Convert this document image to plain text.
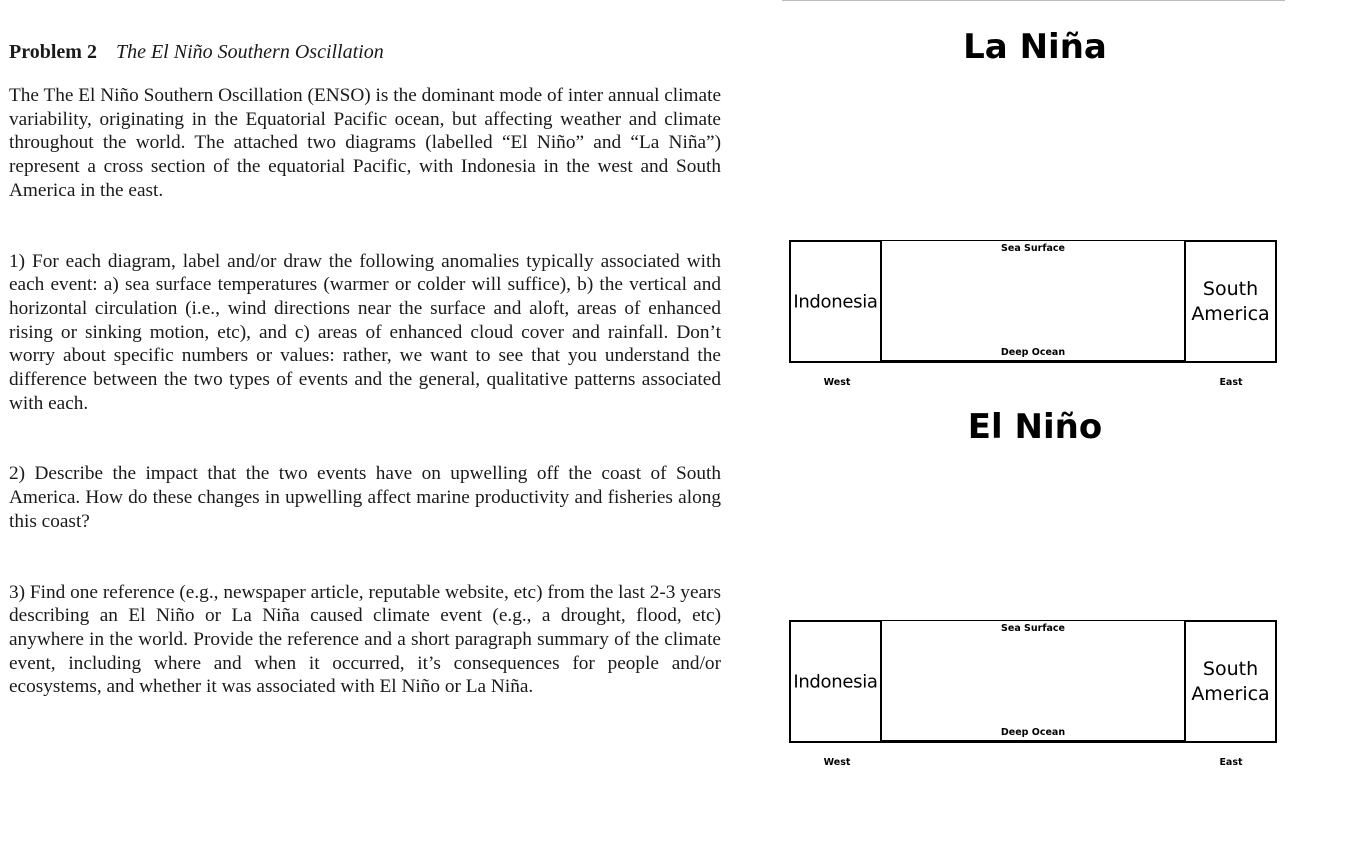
Problem 2 The El Niño Southern Oscillation

The The El Niño Southern Oscillation (ENSO) is the dominant mode of inter annual climate variability, originating in the Equatorial Pacific ocean, but affecting weather and climate throughout the world. The attached two diagrams (labelled “El Niño” and “La Niña”) represent a cross section of the equatorial Pacific, with Indonesia in the west and South America in the east.

1) For each diagram, label and/or draw the following anomalies typically associated with each event: a) sea surface temperatures (warmer or colder will suffice), b) the vertical and horizontal circulation (i.e., wind directions near the surface and aloft, areas of enhanced rising or sinking motion, etc), and c) areas of enhanced cloud cover and rainfall. Don’t worry about specific numbers or values: rather, we want to see that you understand the difference between the two types of events and the general, qualitative patterns associated with each.

2) Describe the impact that the two events have on upwelling off the coast of South America. How do these changes in upwelling affect marine productivity and fisheries along this coast?

3) Find one reference (e.g., newspaper article, reputable website, etc) from the last 2-3 years describing an El Niño or La Niña caused climate event (e.g., a drought, flood, etc) anywhere in the world. Provide the reference and a short paragraph summary of the climate event, including where and when it occurred, it’s consequences for people and/or ecosystems, and whether it was associated with El Niño or La Niña.

La Niña
Sea Surface
Deep Ocean
Indonesia
South America
West	East
El Niño
Sea Surface
Deep Ocean
Indonesia
South America
West	East
